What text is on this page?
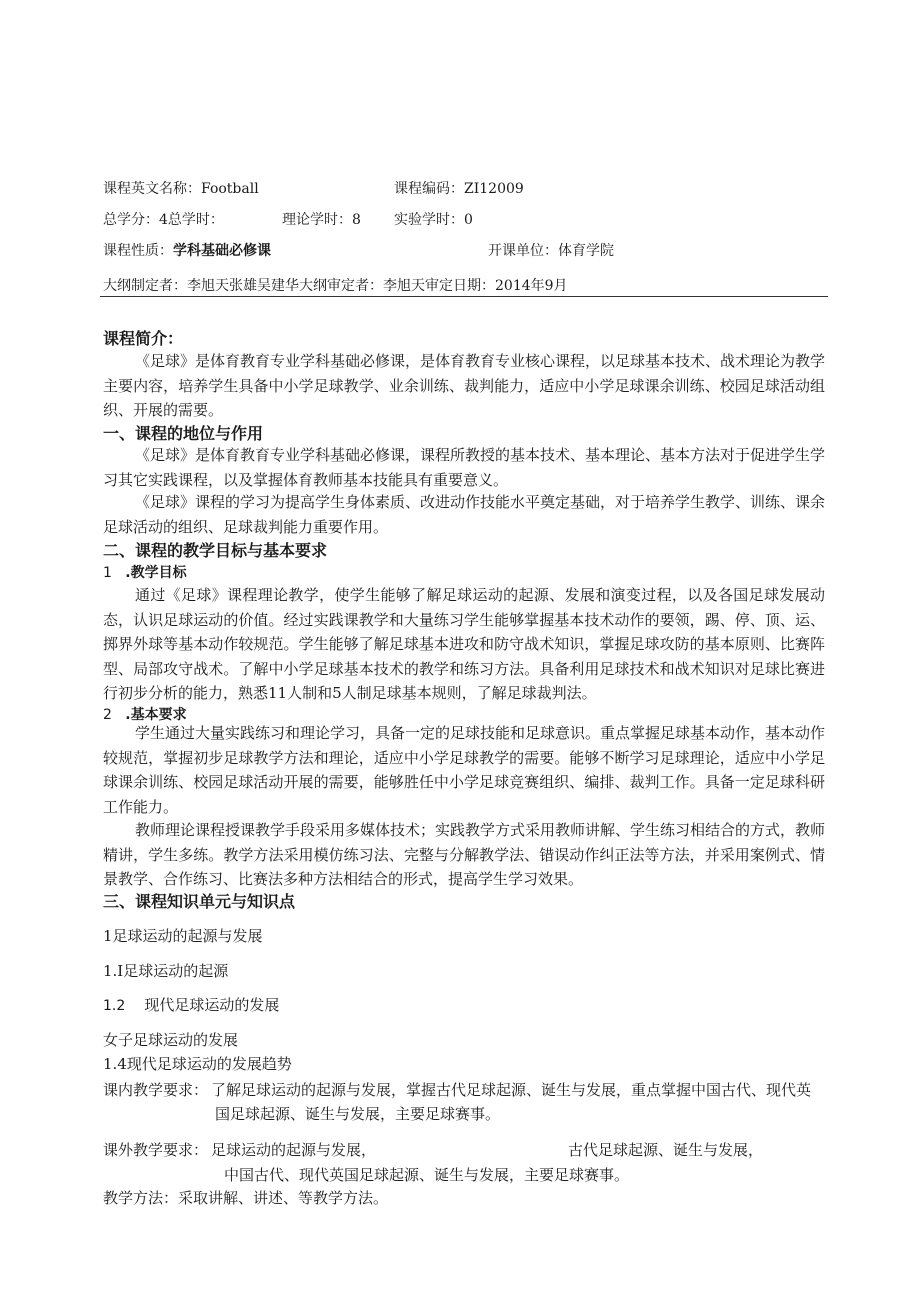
课程英文名称：Football	课程编码：ZI12009
总学分：4总学时：	理论学时：8 实验学时：0
课程性质：学科基础必修课	开课单位：体育学院
大纲制定者：李旭天张雄吴建华大纲审定者：李旭天审定日期：2014年9月
课程简介：
《足球》是体育教育专业学科基础必修课，是体育教育专业核心课程，以足球基本技术、战术理论为教学主要内容，培养学生具备中小学足球教学、业余训练、裁判能力，适应中小学足球课余训练、校园足球活动组织、开展的需要。
一、课程的地位与作用
《足球》是体育教育专业学科基础必修课，课程所教授的基本技术、基本理论、基本方法对于促进学生学习其它实践课程，以及掌握体育教师基本技能具有重要意义。
《足球》课程的学习为提高学生身体素质、改进动作技能水平奠定基础，对于培养学生教学、训练、课余足球活动的组织、足球裁判能力重要作用。
二、课程的教学目标与基本要求
1 .教学目标
通过《足球》课程理论教学，使学生能够了解足球运动的起源、发展和演变过程，以及各国足球发展动态，认识足球运动的价值。经过实践课教学和大量练习学生能够掌握基本技术动作的要领，踢、停、顶、运、掷界外球等基本动作较规范。学生能够了解足球基本进攻和防守战术知识，掌握足球攻防的基本原则、比赛阵型、局部攻守战术。了解中小学足球基本技术的教学和练习方法。具备利用足球技术和战术知识对足球比赛进行初步分析的能力，熟悉11人制和5人制足球基本规则，了解足球裁判法。
2 .基本要求
学生通过大量实践练习和理论学习，具备一定的足球技能和足球意识。重点掌握足球基本动作，基本动作较规范，掌握初步足球教学方法和理论，适应中小学足球教学的需要。能够不断学习足球理论，适应中小学足球课余训练、校园足球活动开展的需要，能够胜任中小学足球竞赛组织、编排、裁判工作。具备一定足球科研工作能力。
教师理论课程授课教学手段采用多媒体技术；实践教学方式采用教师讲解、学生练习相结合的方式，教师精讲，学生多练。教学方法采用模仿练习法、完整与分解教学法、错误动作纠正法等方法，并采用案例式、情景教学、合作练习、比赛法多种方法相结合的形式，提高学生学习效果。
三、课程知识单元与知识点
1足球运动的起源与发展
1.I足球运动的起源
1.2 现代足球运动的发展
女子足球运动的发展
1.4现代足球运动的发展趋势
课内教学要求： 了解足球运动的起源与发展，掌握古代足球起源、诞生与发展，重点掌握中国古代、现代英
国足球起源、诞生与发展，主要足球赛事。
课外教学要求： 足球运动的起源与发展，	古代足球起源、诞生与发展，
中国古代、现代英国足球起源、诞生与发展，主要足球赛事。
教学方法：采取讲解、讲述、等教学方法。
